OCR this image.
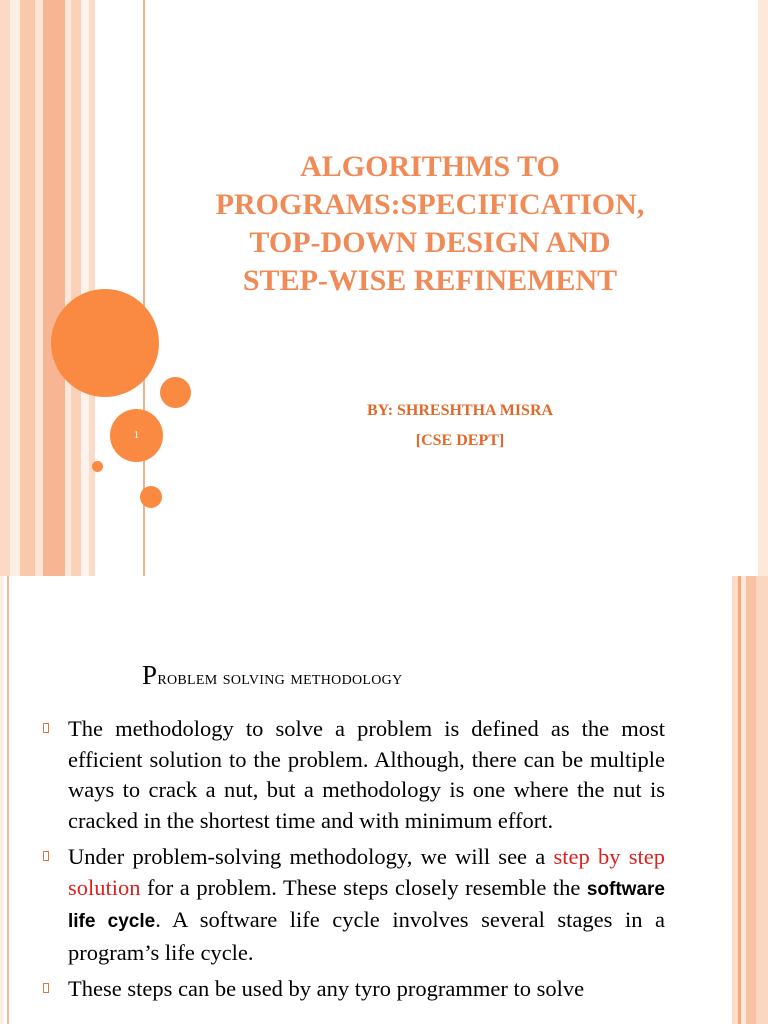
1
ALGORITHMS TO
PROGRAMS:SPECIFICATION,
TOP-DOWN DESIGN AND
STEP-WISE REFINEMENT
BY: SHRESHTHA MISRA
[CSE DEPT]
Problem solving methodology

The methodology to solve a problem is defined as the most efficient solution to the problem. Although, there can be multiple ways to crack a nut, but a methodology is one where the nut is cracked in the shortest time and with minimum effort.

Under problem-solving methodology, we will see a step by step solution for a problem. These steps closely resemble the software life cycle. A software life cycle involves several stages in a program’s life cycle.

These steps can be used by any tyro programmer to solve
